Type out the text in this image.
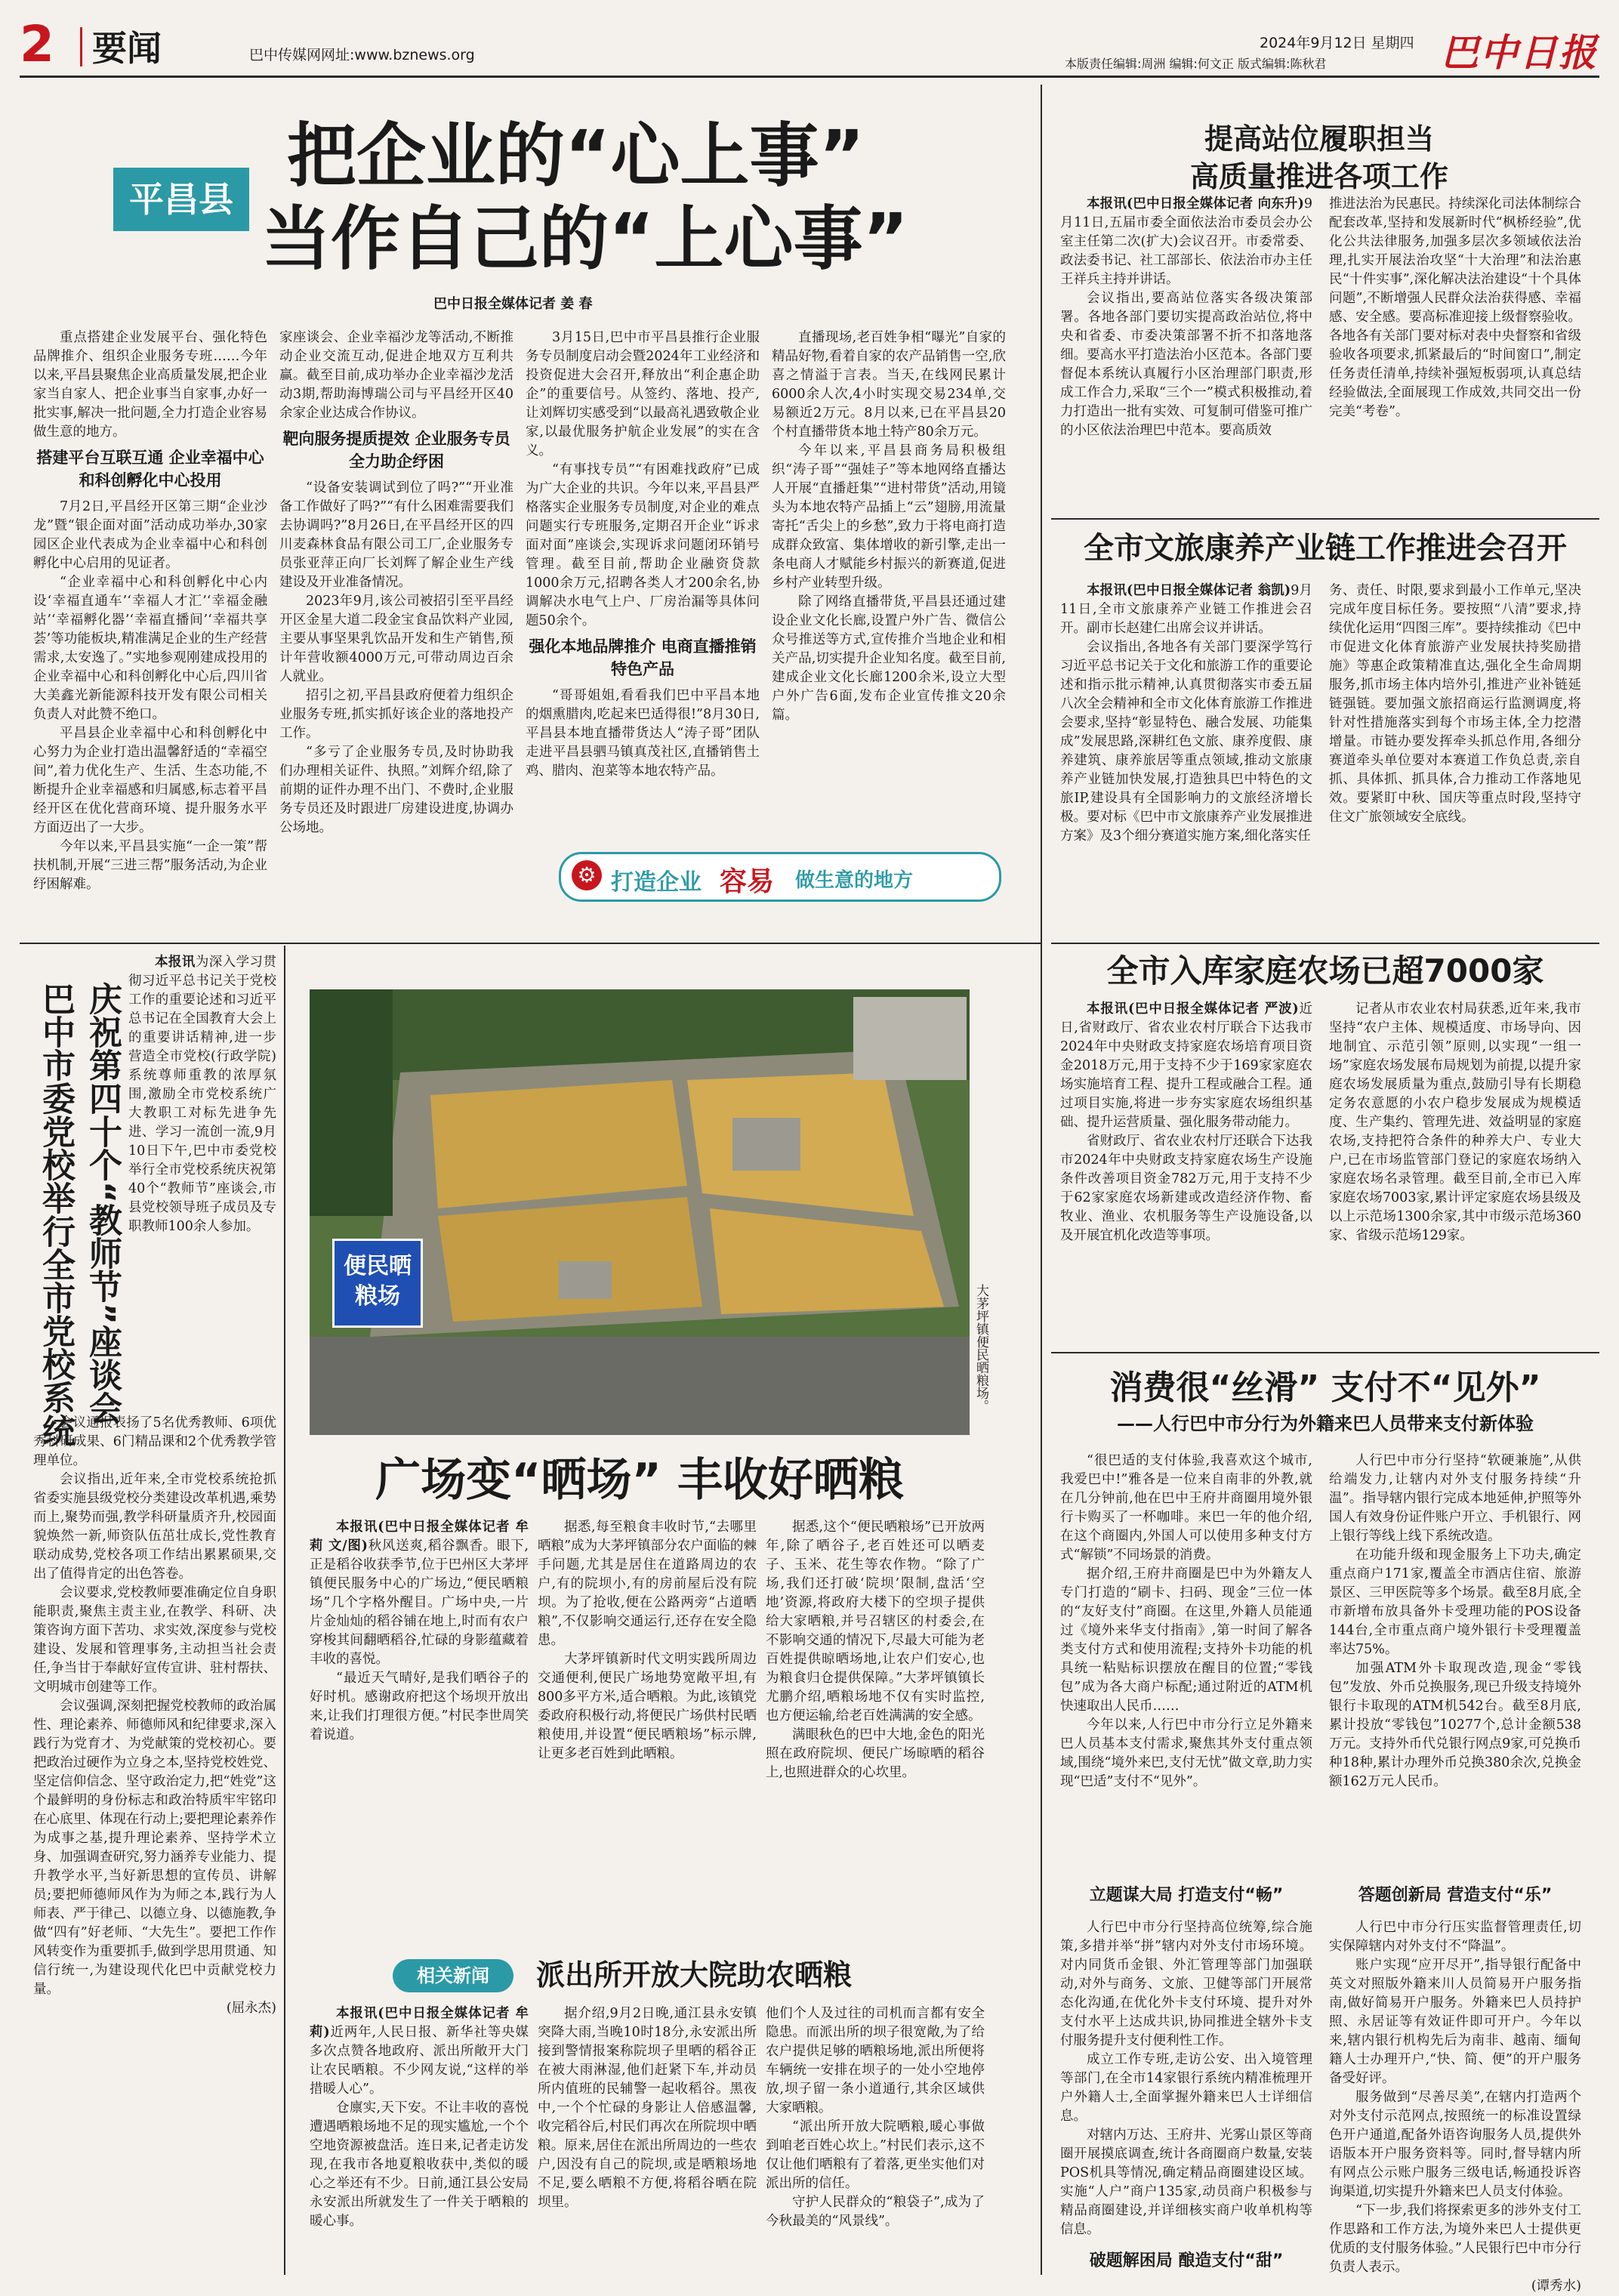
2 要闻	巴中传媒网网址:www.bznews.org
2024年9月12日 星期四
本版责任编辑:周洲 编辑:何文正 版式编辑:陈秋君	巴中日报
平昌县
把企业的“心上事”
当作自己的“上心事”
巴中日报全媒体记者 姜 春

重点搭建企业发展平台、强化特色品牌推介、组织企业服务专班……今年以来,平昌县聚焦企业高质量发展,把企业家当自家人、把企业事当自家事,办好一批实事,解决一批问题,全力打造企业容易做生意的地方。

搭建平台互联互通 企业幸福中心和科创孵化中心投用

7月2日,平昌经开区第三期“企业沙龙”暨“银企面对面”活动成功举办,30家园区企业代表成为企业幸福中心和科创孵化中心启用的见证者。

“企业幸福中心和科创孵化中心内设‘幸福直通车’‘幸福人才汇’‘幸福金融站’‘幸福孵化器’‘幸福直播间’‘幸福共享荟’等功能板块,精准满足企业的生产经营需求,太安逸了。”实地参观刚建成投用的企业幸福中心和科创孵化中心后,四川省大美鑫光新能源科技开发有限公司相关负责人对此赞不绝口。

平昌县企业幸福中心和科创孵化中心努力为企业打造出温馨舒适的“幸福空间”,着力优化生产、生活、生态功能,不断提升企业幸福感和归属感,标志着平昌经开区在优化营商环境、提升服务水平方面迈出了一大步。

今年以来,平昌县实施“一企一策”帮扶机制,开展“三进三帮”服务活动,为企业纾困解难。

家座谈会、企业幸福沙龙等活动,不断推动企业交流互动,促进企地双方互利共赢。截至目前,成功举办企业幸福沙龙活动3期,帮助海博瑞公司与平昌经开区40余家企业达成合作协议。

靶向服务提质提效 企业服务专员全力助企纾困

“设备安装调试到位了吗?”“开业准备工作做好了吗?”“有什么困难需要我们去协调吗?”8月26日,在平昌经开区的四川麦森林食品有限公司工厂,企业服务专员张亚萍正向厂长刘辉了解企业生产线建设及开业准备情况。

2023年9月,该公司被招引至平昌经开区金星大道二段金宝食品饮料产业园,主要从事坚果乳饮品开发和生产销售,预计年营收额4000万元,可带动周边百余人就业。

招引之初,平昌县政府便着力组织企业服务专班,抓实抓好该企业的落地投产工作。

“多亏了企业服务专员,及时协助我们办理相关证件、执照。”刘辉介绍,除了前期的证件办理不出门、不费时,企业服务专员还及时跟进厂房建设进度,协调办公场地。

3月15日,巴中市平昌县推行企业服务专员制度启动会暨2024年工业经济和投资促进大会召开,释放出“利企惠企助企”的重要信号。从签约、落地、投产,让刘辉切实感受到“以最高礼遇致敬企业家,以最优服务护航企业发展”的实在含义。

“有事找专员”“有困难找政府”已成为广大企业的共识。今年以来,平昌县严格落实企业服务专员制度,对企业的难点问题实行专班服务,定期召开企业“诉求面对面”座谈会,实现诉求问题闭环销号管理。截至目前,帮助企业融资贷款1000余万元,招聘各类人才200余名,协调解决水电气上户、厂房治漏等具体问题50余个。

强化本地品牌推介 电商直播推销特色产品

“哥哥姐姐,看看我们巴中平昌本地的烟熏腊肉,吃起来巴适得很!”8月30日,平昌县本地直播带货达人“涛子哥”团队走进平昌县驷马镇真茂社区,直播销售土鸡、腊肉、泡菜等本地农特产品。

直播现场,老百姓争相“曝光”自家的精品好物,看着自家的农产品销售一空,欣喜之情溢于言表。当天,在线网民累计6000余人次,4小时实现交易234单,交易额近2万元。8月以来,已在平昌县20个村直播带货本地土特产80余万元。

今年以来,平昌县商务局积极组织“涛子哥”“强娃子”等本地网络直播达人开展“直播赶集”“进村带货”活动,用镜头为本地农特产品插上“云”翅膀,用流量寄托“舌尖上的乡愁”,致力于将电商打造成群众致富、集体增收的新引擎,走出一条电商人才赋能乡村振兴的新赛道,促进乡村产业转型升级。

除了网络直播带货,平昌县还通过建设企业文化长廊,设置户外广告、微信公众号推送等方式,宣传推介当地企业和相关产品,切实提升企业知名度。截至目前,建成企业文化长廊1200余米,设立大型户外广告6面,发布企业宣传推文20余篇。

⚙ 打造企业 容易 做生意的地方
提高站位履职担当
高质量推进各项工作

本报讯(巴中日报全媒体记者 向东升)9月11日,五届市委全面依法治市委员会办公室主任第二次(扩大)会议召开。市委常委、政法委书记、社工部部长、依法治市办主任王祥兵主持并讲话。

会议指出,要高站位落实各级决策部署。各地各部门要切实提高政治站位,将中央和省委、市委决策部署不折不扣落地落细。要高水平打造法治小区范本。各部门要督促本系统认真履行小区治理部门职责,形成工作合力,采取“三个一”模式积极推动,着力打造出一批有实效、可复制可借鉴可推广的小区依法治理巴中范本。要高质效

推进法治为民惠民。持续深化司法体制综合配套改革,坚持和发展新时代“枫桥经验”,优化公共法律服务,加强多层次多领域依法治理,扎实开展法治攻坚“十大治理”和法治惠民“十件实事”,深化解决法治建设“十个具体问题”,不断增强人民群众法治获得感、幸福感、安全感。要高标准迎接上级督察验收。各地各有关部门要对标对表中央督察和省级验收各项要求,抓紧最后的“时间窗口”,制定任务责任清单,持续补强短板弱项,认真总结经验做法,全面展现工作成效,共同交出一份完美“考卷”。

全市文旅康养产业链工作推进会召开

本报讯(巴中日报全媒体记者 翁凯)9月11日,全市文旅康养产业链工作推进会召开。副市长赵建仁出席会议并讲话。

会议指出,各地各有关部门要深学笃行习近平总书记关于文化和旅游工作的重要论述和指示批示精神,认真贯彻落实市委五届八次全会精神和全市文化体育旅游工作推进会要求,坚持“彰显特色、融合发展、功能集成”发展思路,深耕红色文旅、康养度假、康养建筑、康养旅居等重点领域,推动文旅康养产业链加快发展,打造独具巴中特色的文旅IP,建设具有全国影响力的文旅经济增长极。要对标《巴中市文旅康养产业发展推进方案》及3个细分赛道实施方案,细化落实任

务、责任、时限,要求到最小工作单元,坚决完成年度目标任务。要按照“八清”要求,持续优化运用“四图三库”。要持续推动《巴中市促进文化体育旅游产业发展扶持奖励措施》等惠企政策精准直达,强化全生命周期服务,抓市场主体内培外引,推进产业补链延链强链。要加强文旅招商运行监测调度,将针对性措施落实到每个市场主体,全力挖潜增量。市链办要发挥牵头抓总作用,各细分赛道牵头单位要对本赛道工作负总责,亲自抓、具体抓、抓具体,合力推动工作落地见效。要紧盯中秋、国庆等重点时段,坚持守住文广旅领域安全底线。

全市入库家庭农场已超7000家

本报讯(巴中日报全媒体记者 严波)近日,省财政厅、省农业农村厅联合下达我市2024年中央财政支持家庭农场培育项目资金2018万元,用于支持不少于169家家庭农场实施培育工程、提升工程或融合工程。通过项目实施,将进一步夯实家庭农场组织基础、提升运营质量、强化服务带动能力。

省财政厅、省农业农村厅还联合下达我市2024年中央财政支持家庭农场生产设施条件改善项目资金782万元,用于支持不少于62家家庭农场新建或改造经济作物、畜牧业、渔业、农机服务等生产设施设备,以及开展宜机化改造等事项。

记者从市农业农村局获悉,近年来,我市坚持“农户主体、规模适度、市场导向、因地制宜、示范引领”原则,以实现“一组一场”家庭农场发展布局规划为前提,以提升家庭农场发展质量为重点,鼓励引导有长期稳定务农意愿的小农户稳步发展成为规模适度、生产集约、管理先进、效益明显的家庭农场,支持把符合条件的种养大户、专业大户,已在市场监管部门登记的家庭农场纳入家庭农场名录管理。截至目前,全市已入库家庭农场7003家,累计评定家庭农场县级及以上示范场1300余家,其中市级示范场360家、省级示范场129家。

庆祝第四十个“教师节”座谈会
巴中市委党校举行全市党校系统

本报讯为深入学习贯彻习近平总书记关于党校工作的重要论述和习近平总书记在全国教育大会上的重要讲话精神,进一步营造全市党校(行政学院)系统尊师重教的浓厚氛围,激励全市党校系统广大教职工对标先进争先进、学习一流创一流,9月10日下午,巴中市委党校举行全市党校系统庆祝第40个“教师节”座谈会,市县党校领导班子成员及专职教师100余人参加。

会议通报表扬了5名优秀教师、6项优秀科研成果、6门精品课和2个优秀教学管理单位。

会议指出,近年来,全市党校系统抢抓省委实施县级党校分类建设改革机遇,乘势而上,聚势而强,教学科研量质齐升,校园面貌焕然一新,师资队伍茁壮成长,党性教育联动成势,党校各项工作结出累累硕果,交出了值得肯定的出色答卷。

会议要求,党校教师要准确定位自身职能职责,聚焦主责主业,在教学、科研、决策咨询方面下苦功、求实效,深度参与党校建设、发展和管理事务,主动担当社会责任,争当甘于奉献好宣传宣讲、驻村帮扶、文明城市创建等工作。

会议强调,深刻把握党校教师的政治属性、理论素养、师德师风和纪律要求,深入践行为党育才、为党献策的党校初心。要把政治过硬作为立身之本,坚持党校姓党、坚定信仰信念、坚守政治定力,把“姓党”这个最鲜明的身份标志和政治特质牢牢铭印在心底里、体现在行动上;要把理论素养作为成事之基,提升理论素养、坚持学术立身、加强调查研究,努力涵养专业能力、提升教学水平,当好新思想的宣传员、讲解员;要把师德师风作为为师之本,践行为人师表、严于律己、以德立身、以德施教,争做“四有”好老师、“大先生”。要把工作作风转变作为重要抓手,做到学思用贯通、知信行统一,为建设现代化巴中贡献党校力量。

(屈永杰)

便民晒粮场	大茅坪镇便民晒粮场。
广场变“晒场” 丰收好晒粮

本报讯(巴中日报全媒体记者 牟莉 文/图)秋风送爽,稻谷飘香。眼下,正是稻谷收获季节,位于巴州区大茅坪镇便民服务中心的广场边,“便民晒粮场”几个字格外醒目。广场中央,一片片金灿灿的稻谷铺在地上,时而有农户穿梭其间翻晒稻谷,忙碌的身影蕴藏着丰收的喜悦。

“最近天气晴好,是我们晒谷子的好时机。感谢政府把这个场坝开放出来,让我们打理很方便。”村民李世周笑着说道。

据悉,每至粮食丰收时节,“去哪里晒粮”成为大茅坪镇部分农户面临的棘手问题,尤其是居住在道路周边的农户,有的院坝小,有的房前屋后没有院坝。为了抢收,便在公路两旁“占道晒粮”,不仅影响交通运行,还存在安全隐患。

大茅坪镇新时代文明实践所周边交通便利,便民广场地势宽敞平坦,有800多平方米,适合晒粮。为此,该镇党委政府积极行动,将便民广场供村民晒粮使用,并设置“便民晒粮场”标示牌,让更多老百姓到此晒粮。

据悉,这个“便民晒粮场”已开放两年,除了晒谷子,老百姓还可以晒麦子、玉米、花生等农作物。“除了广场,我们还打破‘院坝’限制,盘活‘空地’资源,将政府大楼下的空坝子提供给大家晒粮,并号召辖区的村委会,在不影响交通的情况下,尽最大可能为老百姓提供晾晒场地,让农户们安心,也为粮食归仓提供保障。”大茅坪镇镇长尤鹏介绍,晒粮场地不仅有实时监控,也方便运输,给老百姓满满的安全感。

满眼秋色的巴中大地,金色的阳光照在政府院坝、便民广场晾晒的稻谷上,也照进群众的心坎里。

相关新闻	派出所开放大院助农晒粮

本报讯(巴中日报全媒体记者 牟莉)近两年,人民日报、新华社等央媒多次点赞各地政府、派出所敞开大门让农民晒粮。不少网友说,“这样的举措暖人心”。

仓廪实,天下安。不让丰收的喜悦遭遇晒粮场地不足的现实尴尬,一个个空地资源被盘活。连日来,记者走访发现,在我市各地夏粮收获中,类似的暖心之举还有不少。日前,通江县公安局永安派出所就发生了一件关于晒粮的暖心事。

据介绍,9月2日晚,通江县永安镇突降大雨,当晚10时18分,永安派出所接到警情报案称院坝子里晒的稻谷正在被大雨淋湿,他们赶紧下车,并动员所内值班的民辅警一起收稻谷。黑夜中,一个个忙碌的身影让人倍感温馨,收完稻谷后,村民们再次在所院坝中晒粮。原来,居住在派出所周边的一些农户,因没有自己的院坝,或是晒粮场地不足,要么晒粮不方便,将稻谷晒在院坝里。

他们个人及过往的司机而言都有安全隐患。而派出所的坝子很宽敞,为了给农户提供足够的晒粮场地,派出所便将车辆统一安排在坝子的一处小空地停放,坝子留一条小道通行,其余区域供大家晒粮。

“派出所开放大院晒粮,暖心事做到咱老百姓心坎上。”村民们表示,这不仅让他们晒粮有了着落,更坐实他们对派出所的信任。

守护人民群众的“粮袋子”,成为了今秋最美的“风景线”。

消费很“丝滑” 支付不“见外”
——人行巴中市分行为外籍来巴人员带来支付新体验

“很巴适的支付体验,我喜欢这个城市,我爱巴中!”雅各是一位来自南非的外教,就在几分钟前,他在巴中王府井商圈用境外银行卡购买了一杯咖啡。来巴一年的他介绍,在这个商圈内,外国人可以使用多种支付方式“解锁”不同场景的消费。

据介绍,王府井商圈是巴中为外籍友人专门打造的“刷卡、扫码、现金”三位一体的“友好支付”商圈。在这里,外籍人员能通过《境外来华支付指南》,第一时间了解各类支付方式和使用流程;支持外卡功能的机具统一粘贴标识摆放在醒目的位置;“零钱包”成为各大商户标配;通过附近的ATM机快速取出人民币……

今年以来,人行巴中市分行立足外籍来巴人员基本支付需求,聚焦其外支付重点领域,围绕“境外来巴,支付无忧”做文章,助力实现“巴适”支付不“见外”。

人行巴中市分行坚持“软硬兼施”,从供给端发力,让辖内对外支付服务持续“升温”。指导辖内银行完成本地延伸,护照等外国人有效身份证件账户开立、手机银行、网上银行等线上线下系统改造。

在功能升级和现金服务上下功夫,确定重点商户171家,覆盖全市酒店住宿、旅游景区、三甲医院等多个场景。截至8月底,全市新增布放具备外卡受理功能的POS设备144台,全市重点商户境外银行卡受理覆盖率达75%。

加强ATM外卡取现改造,现金“零钱包”发放、外币兑换服务,现已升级支持境外银行卡取现的ATM机542台。截至8月底,累计投放“零钱包”10277个,总计金额538万元。支持外币代兑银行网点9家,可兑换币种18种,累计办理外币兑换380余次,兑换金额162万元人民币。

立题谋大局 打造支付“畅”	答题创新局 营造支付“乐”

人行巴中市分行坚持高位统筹,综合施策,多措并举“拼”辖内对外支付市场环境。对内同货币金银、外汇管理等部门加强联动,对外与商务、文旅、卫健等部门开展常态化沟通,在优化外卡支付环境、提升对外支付水平上达成共识,协同推进全辖外卡支付服务提升支付便利性工作。

成立工作专班,走访公安、出入境管理等部门,在全市14家银行系统内精准梳理开户外籍人士,全面掌握外籍来巴人士详细信息。

对辖内万达、王府井、光雾山景区等商圈开展摸底调查,统计各商圈商户数量,安装POS机具等情况,确定精品商圈建设区域。实施“人户”商户135家,动员商户积极参与精品商圈建设,并详细核实商户收单机构等信息。

人行巴中市分行压实监督管理责任,切实保障辖内对外支付不“降温”。

账户实现“应开尽开”,指导银行配备中英文对照版外籍来川人员简易开户服务指南,做好简易开户服务。外籍来巴人员持护照、永居证等有效证件即可开户。今年以来,辖内银行机构先后为南非、越南、缅甸籍人士办理开户,“快、简、便”的开户服务备受好评。

服务做到“尽善尽美”,在辖内打造两个对外支付示范网点,按照统一的标准设置绿色开户通道,配备外语咨询服务人员,提供外语版本开户服务资料等。同时,督导辖内所有网点公示账户服务三级电话,畅通投诉咨询渠道,切实提升外籍来巴人员支付体验。

“下一步,我们将探索更多的涉外支付工作思路和工作方法,为境外来巴人士提供更优质的支付服务体验。”人民银行巴中市分行负责人表示。

(谭秀水)

破题解困局 酿造支付“甜”
